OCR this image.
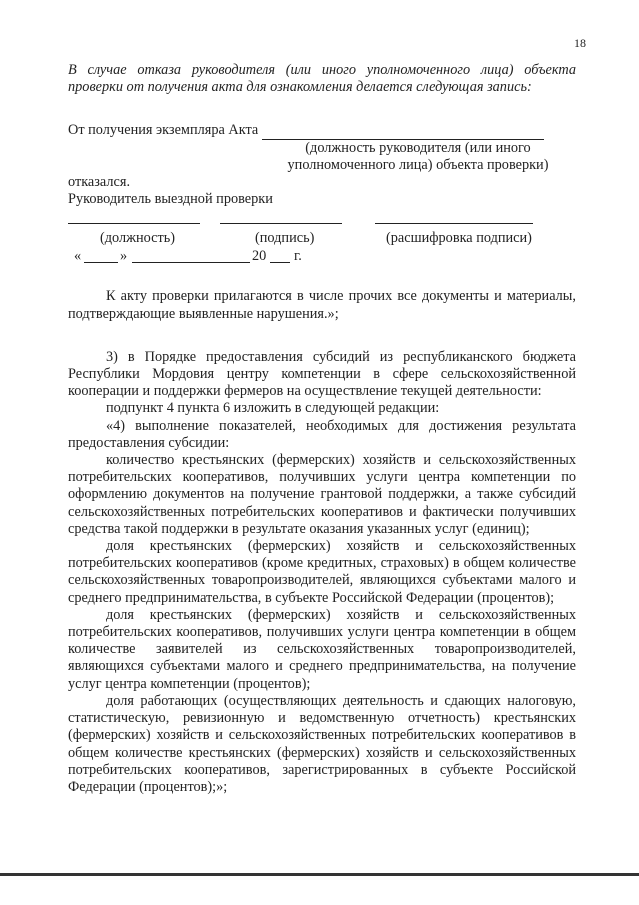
18
В случае отказа руководителя (или иного уполномоченного лица) объекта проверки от получения акта для ознакомления делается следующая запись:
От получения экземпляра Акта
(должность руководителя (или иного
уполномоченного лица) объекта проверки)
отказался.
Руководитель выездной проверки
(должность)	(подпись)	(расшифровка подписи)
«	»	20 г.
К акту проверки прилагаются в числе прочих все документы и материалы, подтверждающие выявленные нарушения.»;
3) в Порядке предоставления субсидий из республиканского бюджета Республики Мордовия центру компетенции в сфере сельскохозяйственной кооперации и поддержки фермеров на осуществление текущей деятельности:
подпункт 4 пункта 6 изложить в следующей редакции:
«4) выполнение показателей, необходимых для достижения результата предоставления субсидии:
количество крестьянских (фермерских) хозяйств и сельскохозяйственных потребительских кооперативов, получивших услуги центра компетенции по оформлению документов на получение грантовой поддержки, а также субсидий сельскохозяйственных потребительских кооперативов и фактически получивших средства такой поддержки в результате оказания указанных услуг (единиц);
доля крестьянских (фермерских) хозяйств и сельскохозяйственных потребительских кооперативов (кроме кредитных, страховых) в общем количестве сельскохозяйственных товаропроизводителей, являющихся субъектами малого и среднего предпринимательства, в субъекте Российской Федерации (процентов);
доля крестьянских (фермерских) хозяйств и сельскохозяйственных потребительских кооперативов, получивших услуги центра компетенции в общем количестве заявителей из сельскохозяйственных товаропроизводителей, являющихся субъектами малого и среднего предпринимательства, на получение услуг центра компетенции (процентов);
доля работающих (осуществляющих деятельность и сдающих налоговую, статистическую, ревизионную и ведомственную отчетность) крестьянских (фермерских) хозяйств и сельскохозяйственных потребительских кооперативов в общем количестве крестьянских (фермерских) хозяйств и сельскохозяйственных потребительских кооперативов, зарегистрированных в субъекте Российской Федерации (процентов);»;
